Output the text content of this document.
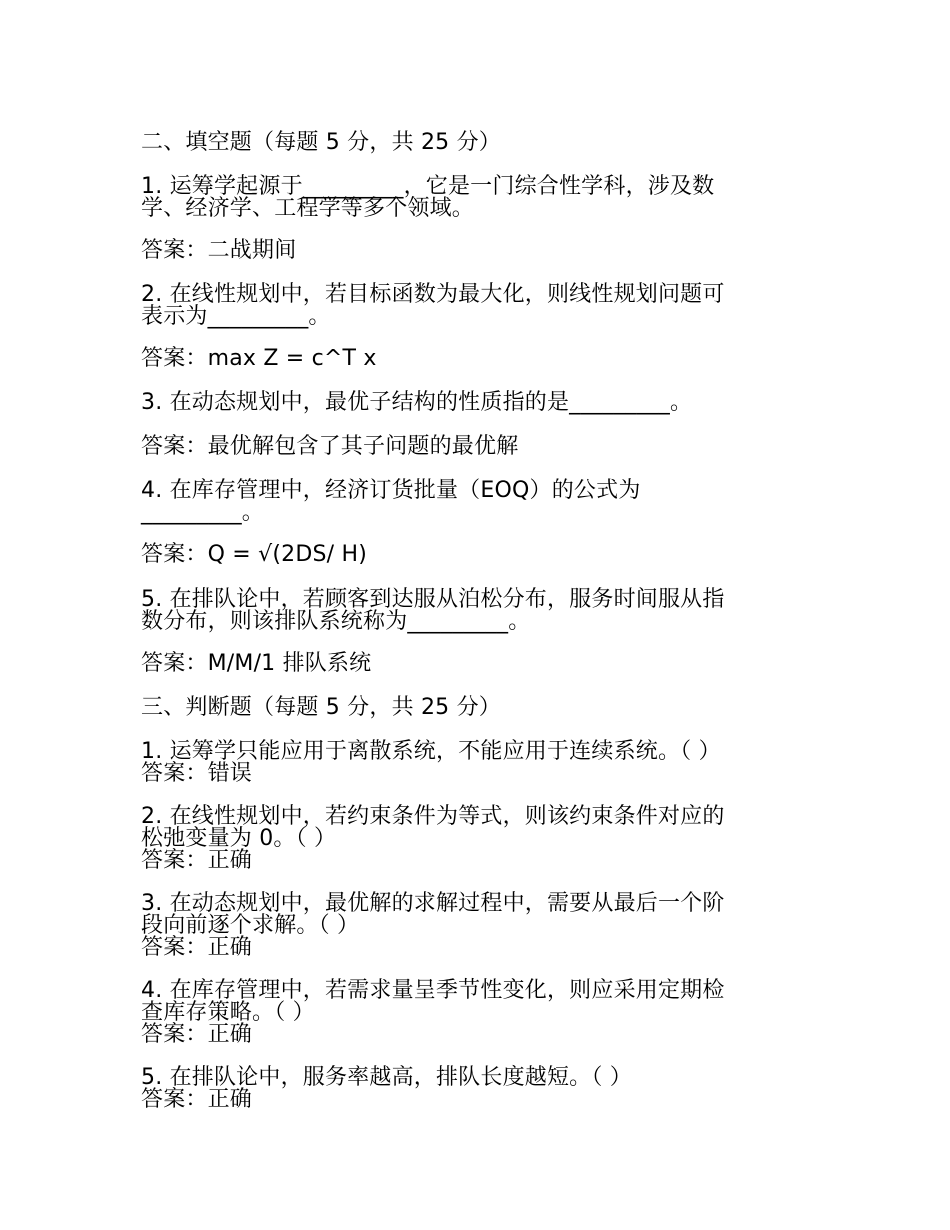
二、填空题（每题 5 分，共 25 分）
1. 运筹学起源于_________，它是一门综合性学科，涉及数
学、经济学、工程学等多个领域。
答案：二战期间
2. 在线性规划中，若目标函数为最大化，则线性规划问题可
表示为_________。
答案：max Z = c^T x
3. 在动态规划中，最优子结构的性质指的是_________。
答案：最优解包含了其子问题的最优解
4. 在库存管理中，经济订货批量（EOQ）的公式为
_________。
答案：Q = √(2DS/ H)
5. 在排队论中，若顾客到达服从泊松分布，服务时间服从指
数分布，则该排队系统称为_________。
答案：M/M/1 排队系统
三、判断题（每题 5 分，共 25 分）
1. 运筹学只能应用于离散系统，不能应用于连续系统。（ ）
答案：错误
2. 在线性规划中，若约束条件为等式，则该约束条件对应的
松弛变量为 0。（ ）
答案：正确
3. 在动态规划中，最优解的求解过程中，需要从最后一个阶
段向前逐个求解。（ ）
答案：正确
4. 在库存管理中，若需求量呈季节性变化，则应采用定期检
查库存策略。（ ）
答案：正确
5. 在排队论中，服务率越高，排队长度越短。（ ）
答案：正确
